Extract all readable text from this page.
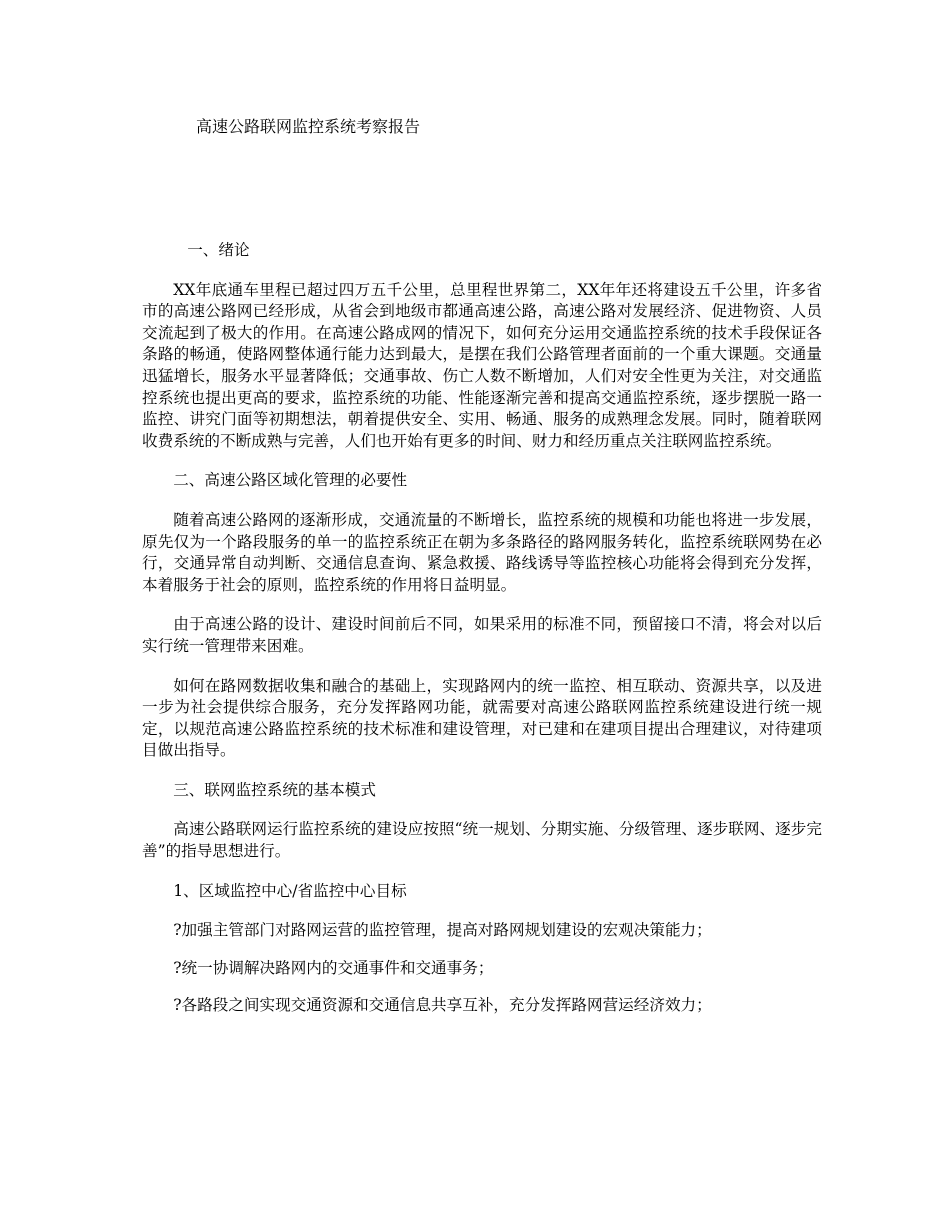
高速公路联网监控系统考察报告
一、绪论

XX年底通车里程已超过四万五千公里，总里程世界第二，XX年年还将建设五千公里，许多省市的高速公路网已经形成，从省会到地级市都通高速公路，高速公路对发展经济、促进物资、人员交流起到了极大的作用。在高速公路成网的情况下，如何充分运用交通监控系统的技术手段保证各条路的畅通，使路网整体通行能力达到最大，是摆在我们公路管理者面前的一个重大课题。交通量迅猛增长，服务水平显著降低；交通事故、伤亡人数不断增加，人们对安全性更为关注，对交通监控系统也提出更高的要求，监控系统的功能、性能逐渐完善和提高交通监控系统，逐步摆脱一路一监控、讲究门面等初期想法，朝着提供安全、实用、畅通、服务的成熟理念发展。同时，随着联网收费系统的不断成熟与完善，人们也开始有更多的时间、财力和经历重点关注联网监控系统。

二、高速公路区域化管理的必要性

随着高速公路网的逐渐形成，交通流量的不断增长，监控系统的规模和功能也将进一步发展，原先仅为一个路段服务的单一的监控系统正在朝为多条路径的路网服务转化，监控系统联网势在必行，交通异常自动判断、交通信息查询、紧急救援、路线诱导等监控核心功能将会得到充分发挥，本着服务于社会的原则，监控系统的作用将日益明显。

由于高速公路的设计、建设时间前后不同，如果采用的标准不同，预留接口不清，将会对以后实行统一管理带来困难。

如何在路网数据收集和融合的基础上，实现路网内的统一监控、相互联动、资源共享，以及进一步为社会提供综合服务，充分发挥路网功能，就需要对高速公路联网监控系统建设进行统一规定，以规范高速公路监控系统的技术标准和建设管理，对已建和在建项目提出合理建议，对待建项目做出指导。

三、联网监控系统的基本模式

高速公路联网运行监控系统的建设应按照“统一规划、分期实施、分级管理、逐步联网、逐步完善”的指导思想进行。

1、区域监控中心/省监控中心目标

?加强主管部门对路网运营的监控管理，提高对路网规划建设的宏观决策能力；

?统一协调解决路网内的交通事件和交通事务；

?各路段之间实现交通资源和交通信息共享互补，充分发挥路网营运经济效力；
